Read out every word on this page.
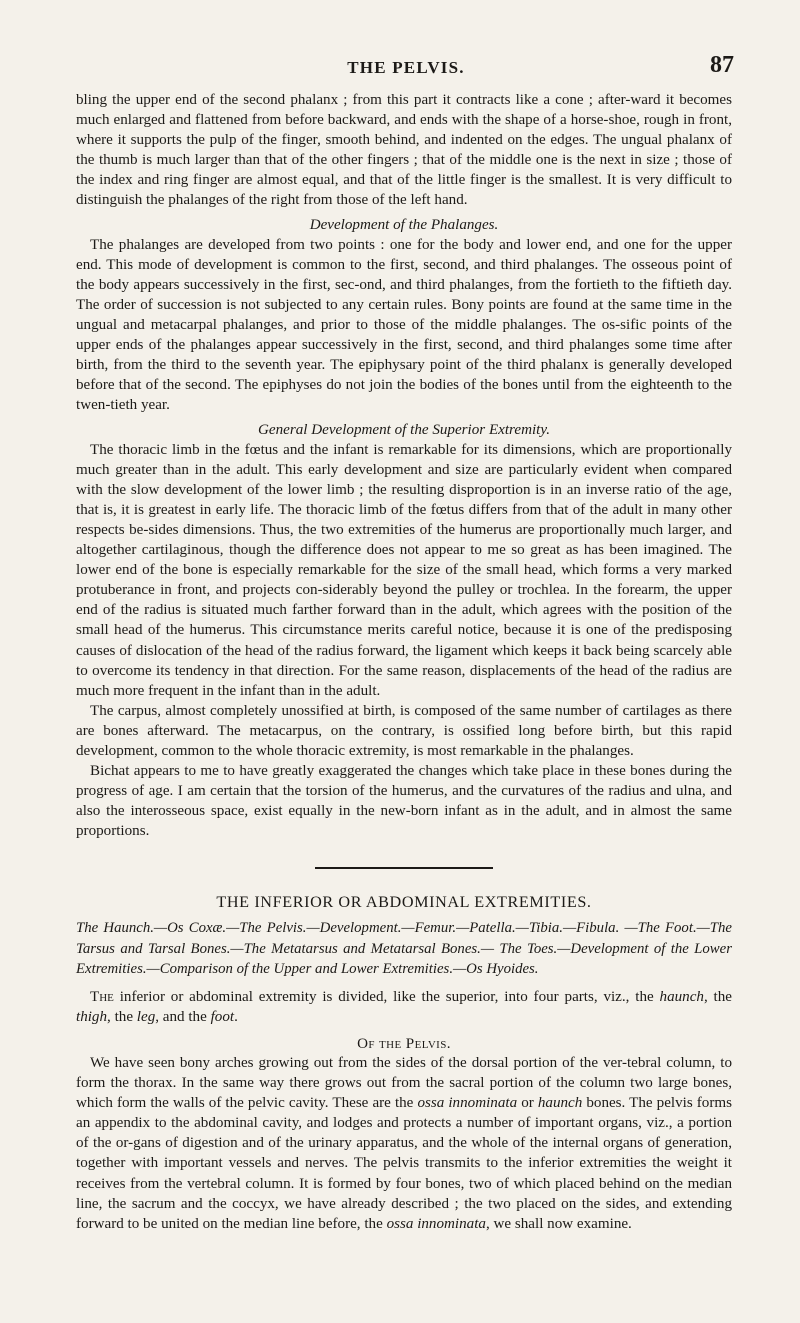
THE PELVIS.	87

bling the upper end of the second phalanx ; from this part it contracts like a cone ; after-ward it becomes much enlarged and flattened from before backward, and ends with the shape of a horse-shoe, rough in front, where it supports the pulp of the finger, smooth behind, and indented on the edges. The ungual phalanx of the thumb is much larger than that of the other fingers ; that of the middle one is the next in size ; those of the index and ring finger are almost equal, and that of the little finger is the smallest. It is very difficult to distinguish the phalanges of the right from those of the left hand.

Development of the Phalanges.

The phalanges are developed from two points : one for the body and lower end, and one for the upper end. This mode of development is common to the first, second, and third phalanges. The osseous point of the body appears successively in the first, sec-ond, and third phalanges, from the fortieth to the fiftieth day. The order of succession is not subjected to any certain rules. Bony points are found at the same time in the ungual and metacarpal phalanges, and prior to those of the middle phalanges. The os-sific points of the upper ends of the phalanges appear successively in the first, second, and third phalanges some time after birth, from the third to the seventh year. The epiphysary point of the third phalanx is generally developed before that of the second. The epiphyses do not join the bodies of the bones until from the eighteenth to the twen-tieth year.

General Development of the Superior Extremity.

The thoracic limb in the fœtus and the infant is remarkable for its dimensions, which are proportionally much greater than in the adult. This early development and size are particularly evident when compared with the slow development of the lower limb ; the resulting disproportion is in an inverse ratio of the age, that is, it is greatest in early life. The thoracic limb of the fœtus differs from that of the adult in many other respects be-sides dimensions. Thus, the two extremities of the humerus are proportionally much larger, and altogether cartilaginous, though the difference does not appear to me so great as has been imagined. The lower end of the bone is especially remarkable for the size of the small head, which forms a very marked protuberance in front, and projects con-siderably beyond the pulley or trochlea. In the forearm, the upper end of the radius is situated much farther forward than in the adult, which agrees with the position of the small head of the humerus. This circumstance merits careful notice, because it is one of the predisposing causes of dislocation of the head of the radius forward, the ligament which keeps it back being scarcely able to overcome its tendency in that direction. For the same reason, displacements of the head of the radius are much more frequent in the infant than in the adult.

The carpus, almost completely unossified at birth, is composed of the same number of cartilages as there are bones afterward. The metacarpus, on the contrary, is ossified long before birth, but this rapid development, common to the whole thoracic extremity, is most remarkable in the phalanges.

Bichat appears to me to have greatly exaggerated the changes which take place in these bones during the progress of age. I am certain that the torsion of the humerus, and the curvatures of the radius and ulna, and also the interosseous space, exist equally in the new-born infant as in the adult, and in almost the same proportions.

THE INFERIOR OR ABDOMINAL EXTREMITIES.

The Haunch.—Os Coxæ.—The Pelvis.—Development.—Femur.—Patella.—Tibia.—Fibula. —The Foot.—The Tarsus and Tarsal Bones.—The Metatarsus and Metatarsal Bones.— The Toes.—Development of the Lower Extremities.—Comparison of the Upper and Lower Extremities.—Os Hyoides.

The inferior or abdominal extremity is divided, like the superior, into four parts, viz., the haunch, the thigh, the leg, and the foot.

Of the Pelvis.

We have seen bony arches growing out from the sides of the dorsal portion of the ver-tebral column, to form the thorax. In the same way there grows out from the sacral portion of the column two large bones, which form the walls of the pelvic cavity. These are the ossa innominata or haunch bones. The pelvis forms an appendix to the abdominal cavity, and lodges and protects a number of important organs, viz., a portion of the or-gans of digestion and of the urinary apparatus, and the whole of the internal organs of generation, together with important vessels and nerves. The pelvis transmits to the inferior extremities the weight it receives from the vertebral column. It is formed by four bones, two of which placed behind on the median line, the sacrum and the coccyx, we have already described ; the two placed on the sides, and extending forward to be united on the median line before, the ossa innominata, we shall now examine.
